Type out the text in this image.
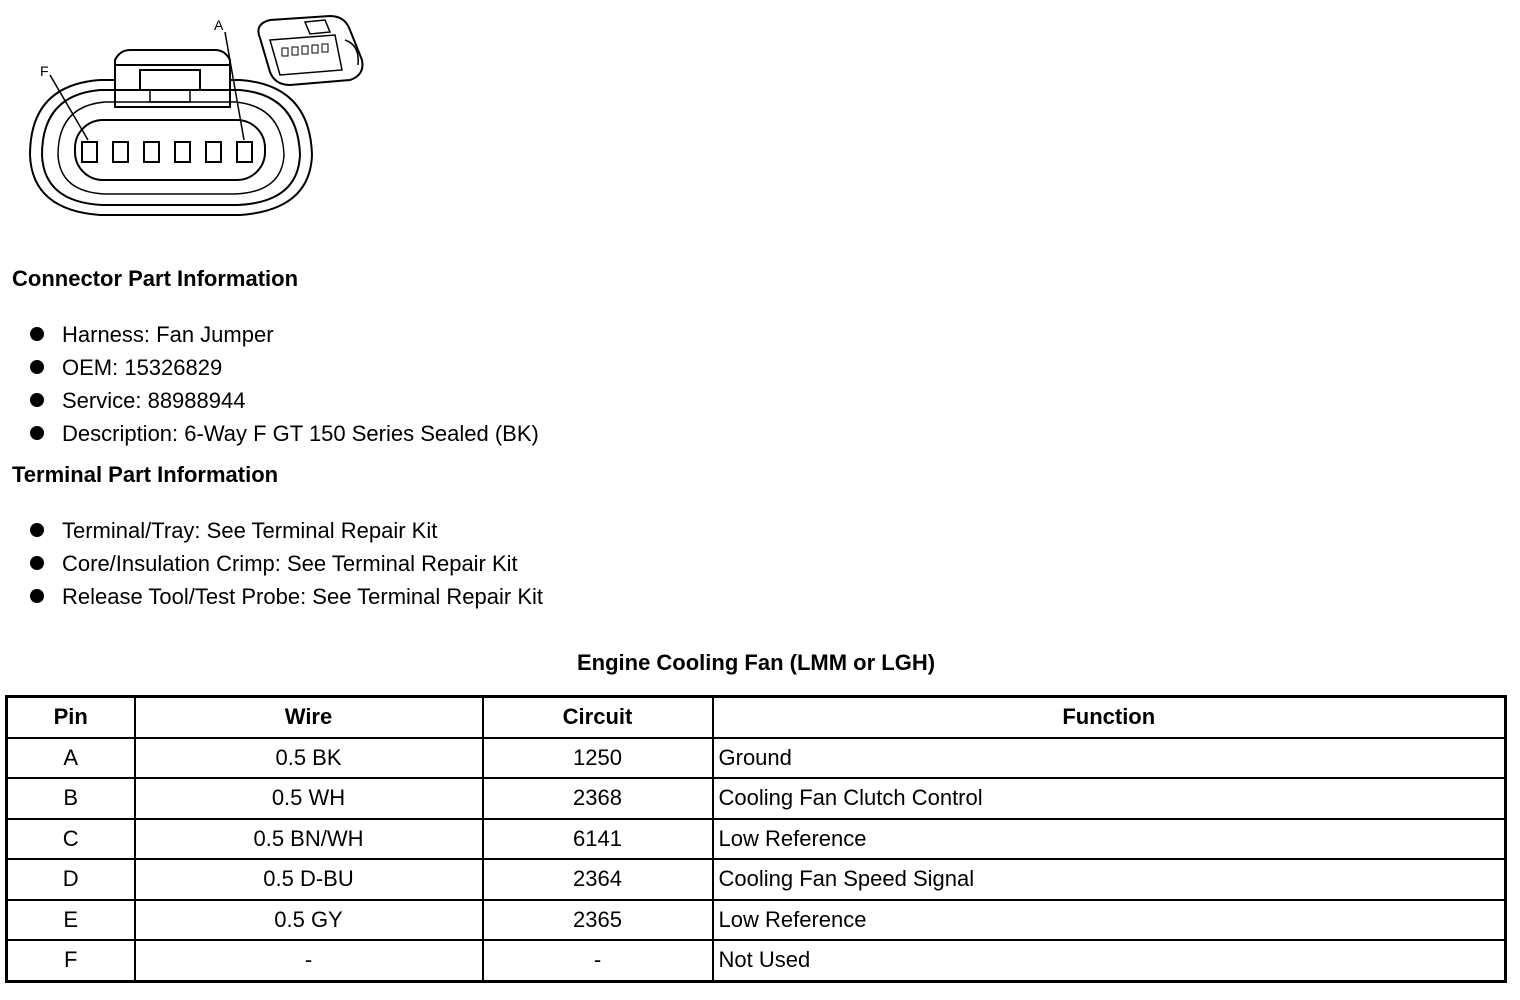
A
F
Connector Part Information
Harness: Fan Jumper
OEM: 15326829
Service: 88988944
Description: 6-Way F GT 150 Series Sealed (BK)
Terminal Part Information
Terminal/Tray: See Terminal Repair Kit
Core/Insulation Crimp: See Terminal Repair Kit
Release Tool/Test Probe: See Terminal Repair Kit
Engine Cooling Fan (LMM or LGH)
Pin	Wire	Circuit	Function
A	0.5 BK	1250	Ground
B	0.5 WH	2368	Cooling Fan Clutch Control
C	0.5 BN/WH	6141	Low Reference
D	0.5 D-BU	2364	Cooling Fan Speed Signal
E	0.5 GY	2365	Low Reference
F	-	-	Not Used
